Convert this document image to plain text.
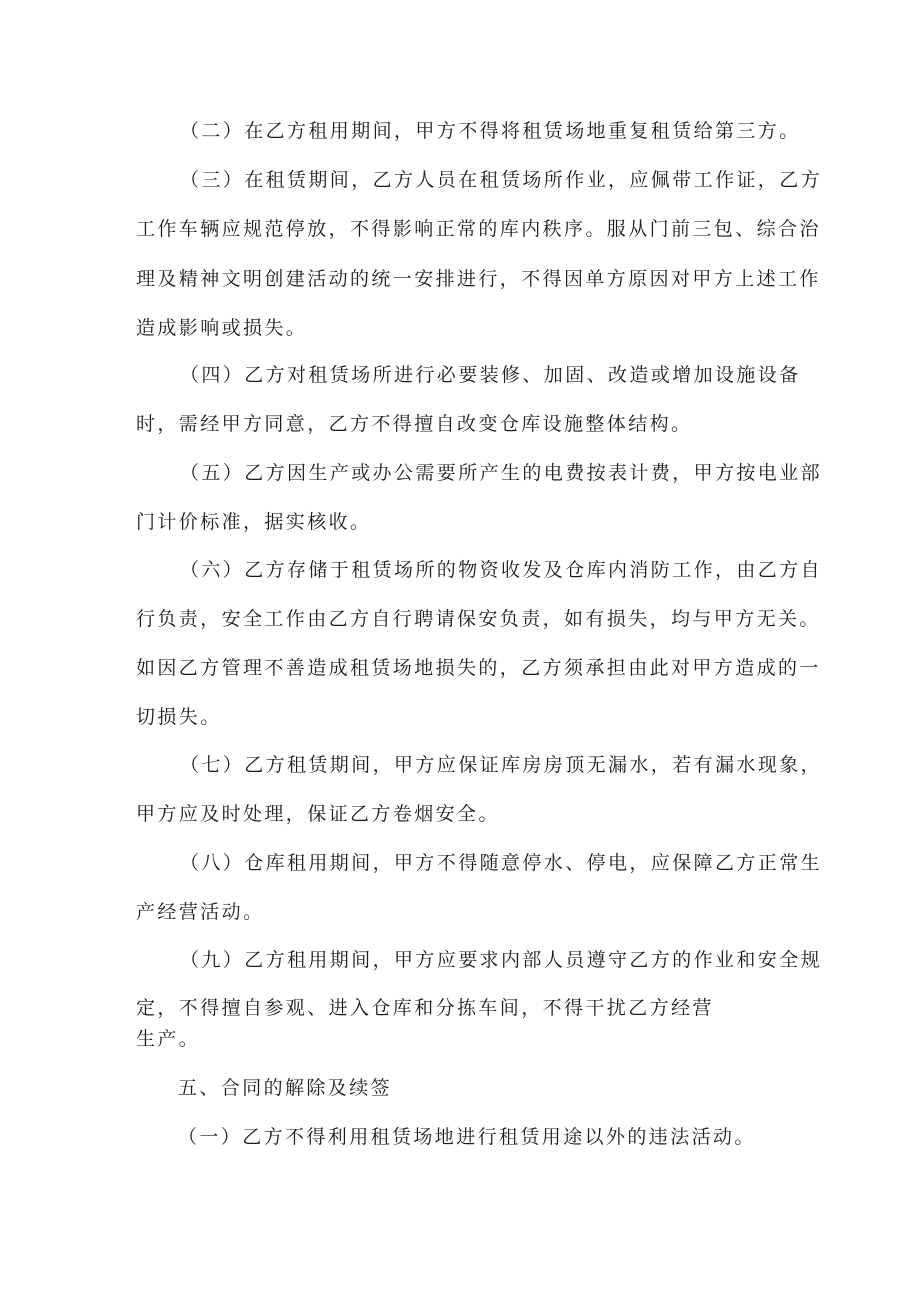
（二）在乙方租用期间，甲方不得将租赁场地重复租赁给第三方。
（三）在租赁期间，乙方人员在租赁场所作业，应佩带工作证，乙方
工作车辆应规范停放，不得影响正常的库内秩序。服从门前三包、综合治
理及精神文明创建活动的统一安排进行，不得因单方原因对甲方上述工作
造成影响或损失。
（四）乙方对租赁场所进行必要装修、加固、改造或增加设施设备
时，需经甲方同意，乙方不得擅自改变仓库设施整体结构。
（五）乙方因生产或办公需要所产生的电费按表计费，甲方按电业部
门计价标准，据实核收。
（六）乙方存储于租赁场所的物资收发及仓库内消防工作，由乙方自
行负责，安全工作由乙方自行聘请保安负责，如有损失，均与甲方无关。
如因乙方管理不善造成租赁场地损失的，乙方须承担由此对甲方造成的一
切损失。
（七）乙方租赁期间，甲方应保证库房房顶无漏水，若有漏水现象，
甲方应及时处理，保证乙方卷烟安全。
（八）仓库租用期间，甲方不得随意停水、停电，应保障乙方正常生
产经营活动。
（九）乙方租用期间，甲方应要求内部人员遵守乙方的作业和安全规
定，不得擅自参观、进入仓库和分拣车间，不得干扰乙方经营
生产。
五、合同的解除及续签
（一）乙方不得利用租赁场地进行租赁用途以外的违法活动。
